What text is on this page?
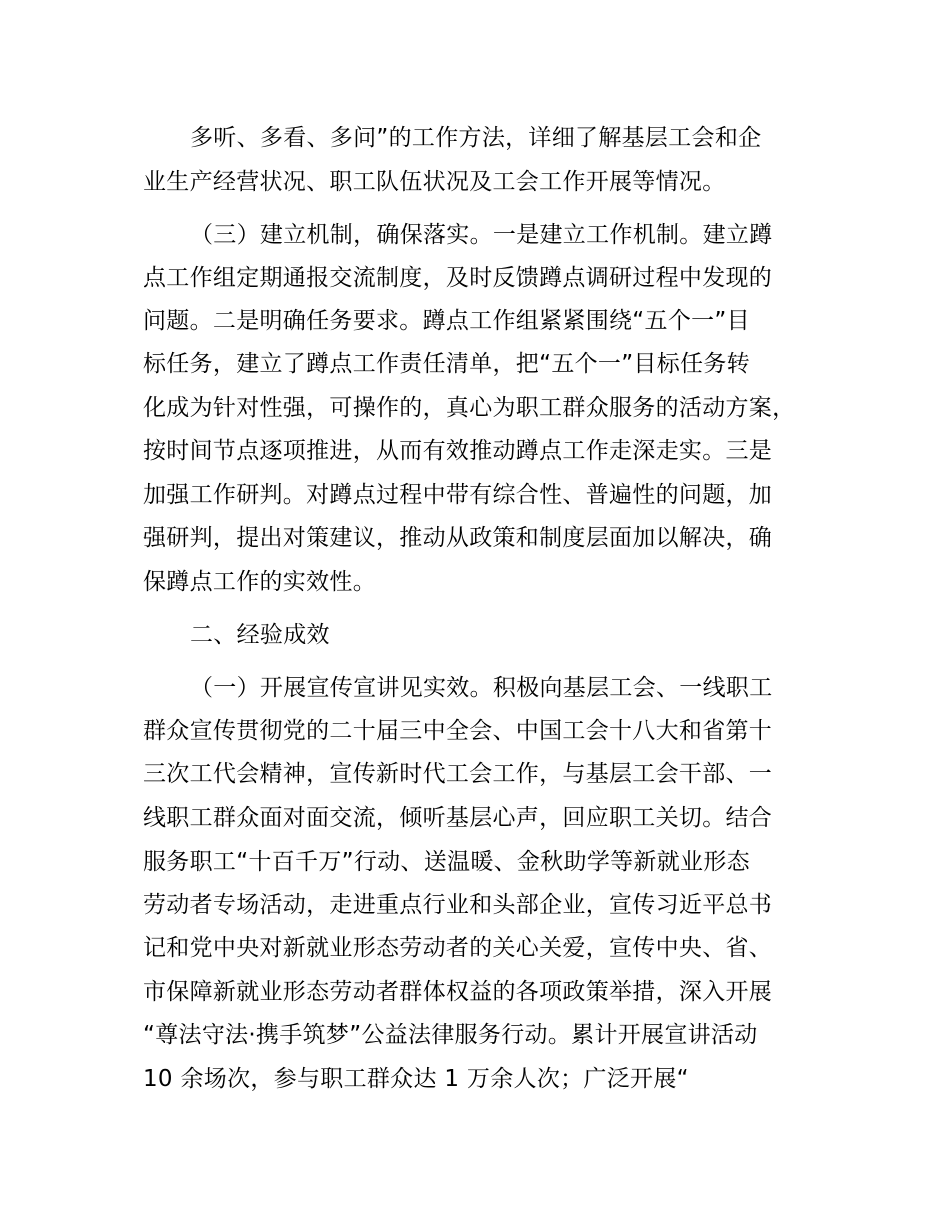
多听、多看、多问”的工作方法，详细了解基层工会和企
业生产经营状况、职工队伍状况及工会工作开展等情况。
（三）建立机制，确保落实。一是建立工作机制。建立蹲
点工作组定期通报交流制度，及时反馈蹲点调研过程中发现的
问题。二是明确任务要求。蹲点工作组紧紧围绕“五个一”目
标任务，建立了蹲点工作责任清单，把“五个一”目标任务转
化成为针对性强，可操作的，真心为职工群众服务的活动方案，
按时间节点逐项推进，从而有效推动蹲点工作走深走实。三是
加强工作研判。对蹲点过程中带有综合性、普遍性的问题，加
强研判，提出对策建议，推动从政策和制度层面加以解决，确
保蹲点工作的实效性。
二、经验成效
（一）开展宣传宣讲见实效。积极向基层工会、一线职工
群众宣传贯彻党的二十届三中全会、中国工会十八大和省第十
三次工代会精神，宣传新时代工会工作，与基层工会干部、一
线职工群众面对面交流，倾听基层心声，回应职工关切。结合
服务职工“十百千万”行动、送温暖、金秋助学等新就业形态
劳动者专场活动，走进重点行业和头部企业，宣传习近平总书
记和党中央对新就业形态劳动者的关心关爱，宣传中央、省、
市保障新就业形态劳动者群体权益的各项政策举措，深入开展
“尊法守法·携手筑梦”公益法律服务行动。累计开展宣讲活动
10 余场次，参与职工群众达 1 万余人次；广泛开展“
